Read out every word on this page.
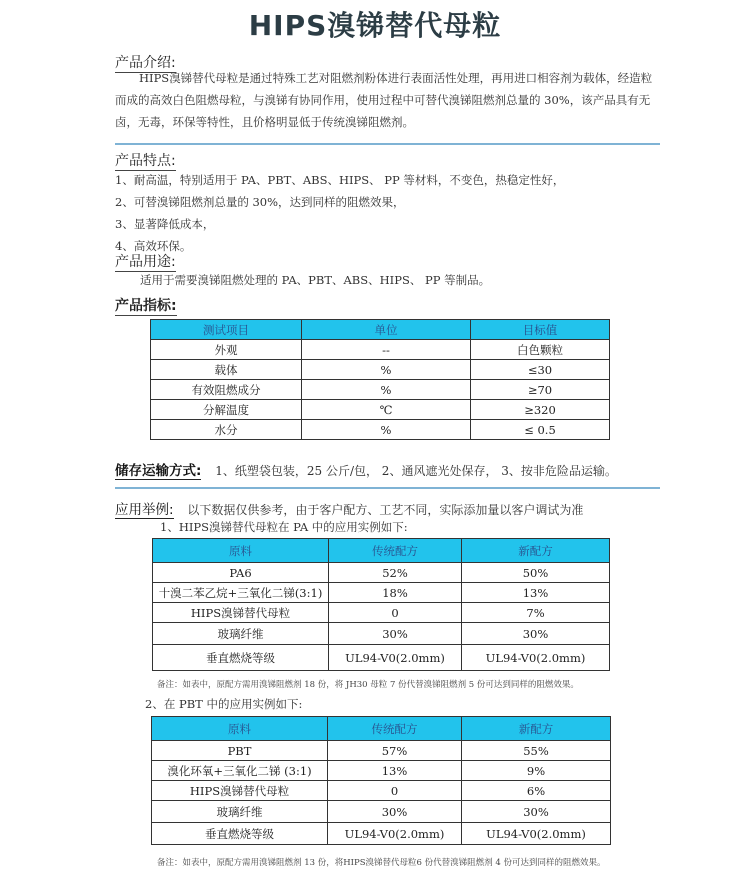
HIPS溴锑替代母粒
产品介绍:
HIPS溴锑替代母粒是通过特殊工艺对阻燃剂粉体进行表面活性处理，再用进口相容剂为载体，经造粒而成的高效白色阻燃母粒，与溴锑有协同作用，使用过程中可替代溴锑阻燃剂总量的 30%，该产品具有无卤，无毒，环保等特性，且价格明显低于传统溴锑阻燃剂。
产品特点:
1、耐高温，特别适用于 PA、PBT、ABS、HIPS、 PP 等材料，不变色，热稳定性好，
2、可替溴锑阻燃剂总量的 30%，达到同样的阻燃效果，
3、显著降低成本，
4、高效环保。
产品用途:
适用于需要溴锑阻燃处理的 PA、PBT、ABS、HIPS、 PP 等制品。
产品指标:
测试项目	单位	目标值
外观	--	白色颗粒
载体	%	≤30
有效阻燃成分	%	≥70
分解温度	℃	≥320
水分	%	≤ 0.5
储存运输方式: 1、纸塑袋包装，25 公斤/包， 2、通风遮光处保存， 3、按非危险品运输。
应用举例: 以下数据仅供参考，由于客户配方、工艺不同，实际添加量以客户调试为准
1、HIPS溴锑替代母粒在 PA 中的应用实例如下:
原料	传统配方	新配方
PA6	52%	50%
十溴二苯乙烷+三氧化二锑(3:1)	18%	13%
HIPS溴锑替代母粒	0	7%
玻璃纤维	30%	30%
垂直燃烧等级	UL94-V0(2.0mm)	UL94-V0(2.0mm)
备注：如表中，原配方需用溴锑阻燃剂 18 份，将 JH30 母粒 7 份代替溴锑阻燃剂 5 份可达到同样的阻燃效果。
2、在 PBT 中的应用实例如下:
原料	传统配方	新配方
PBT	57%	55%
溴化环氧+三氧化二锑 (3:1)	13%	9%
HIPS溴锑替代母粒	0	6%
玻璃纤维	30%	30%
垂直燃烧等级	UL94-V0(2.0mm)	UL94-V0(2.0mm)
备注：如表中，原配方需用溴锑阻燃剂 13 份，将HIPS溴锑替代母粒6 份代替溴锑阻燃剂 4 份可达到同样的阻燃效果。
